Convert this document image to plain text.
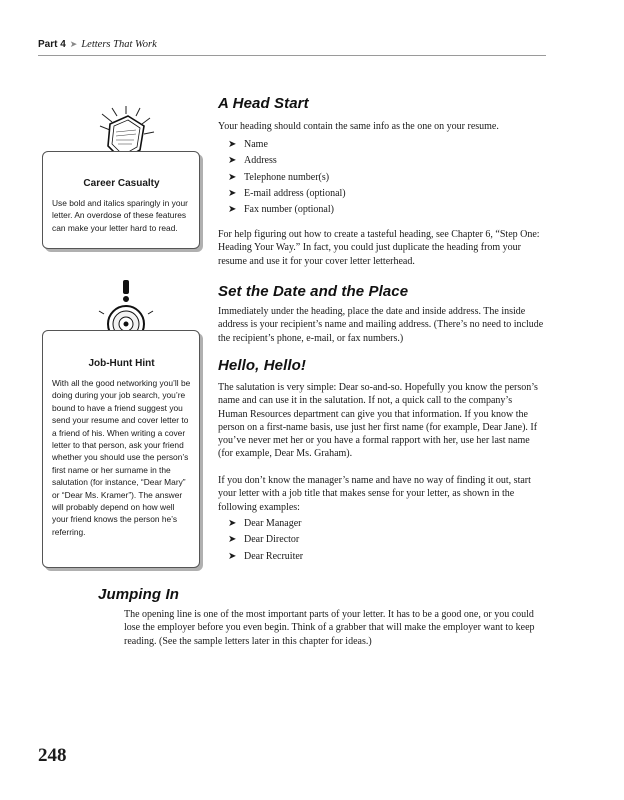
Part 4 ➤ Letters That Work

Career Casualty

Use bold and italics sparingly in your letter. An overdose of these features can make your letter hard to read.

Job-Hunt Hint

With all the good networking you’ll be doing during your job search, you’re bound to have a friend suggest you send your resume and cover letter to a friend of his. When writing a cover letter to that person, ask your friend whether you should use the person’s first name or her surname in the salutation (for instance, “Dear Mary” or “Dear Ms. Kramer”). The answer will probably depend on how well your friend knows the person he’s referring.

A Head Start

Your heading should contain the same info as the one on your resume.

➤ Name
➤ Address
➤ Telephone number(s)
➤ E-mail address (optional)
➤ Fax number (optional)

For help figuring out how to create a tasteful heading, see Chapter 6, “Step One: Heading Your Way.” In fact, you could just duplicate the heading from your resume and use it for your cover letter letterhead.

Set the Date and the Place

Immediately under the heading, place the date and inside address. The inside address is your recipient’s name and mailing address. (There’s no need to include the recipient’s phone, e-mail, or fax numbers.)

Hello, Hello!

The salutation is very simple: Dear so-and-so. Hopefully you know the person’s name and can use it in the salutation. If not, a quick call to the company’s Human Resources department can give you that information. If you know the person on a first-name basis, use just her first name (for example, Dear Jane). If you’ve never met her or you have a formal rapport with her, use her last name (for example, Dear Ms. Graham).

If you don’t know the manager’s name and have no way of finding it out, start your letter with a job title that makes sense for your letter, as shown in the following examples:

➤ Dear Manager
➤ Dear Director
➤ Dear Recruiter
Jumping In

The opening line is one of the most important parts of your letter. It has to be a good one, or you could lose the employer before you even begin. Think of a grabber that will make the employer want to keep reading. (See the sample letters later in this chapter for ideas.)

248
